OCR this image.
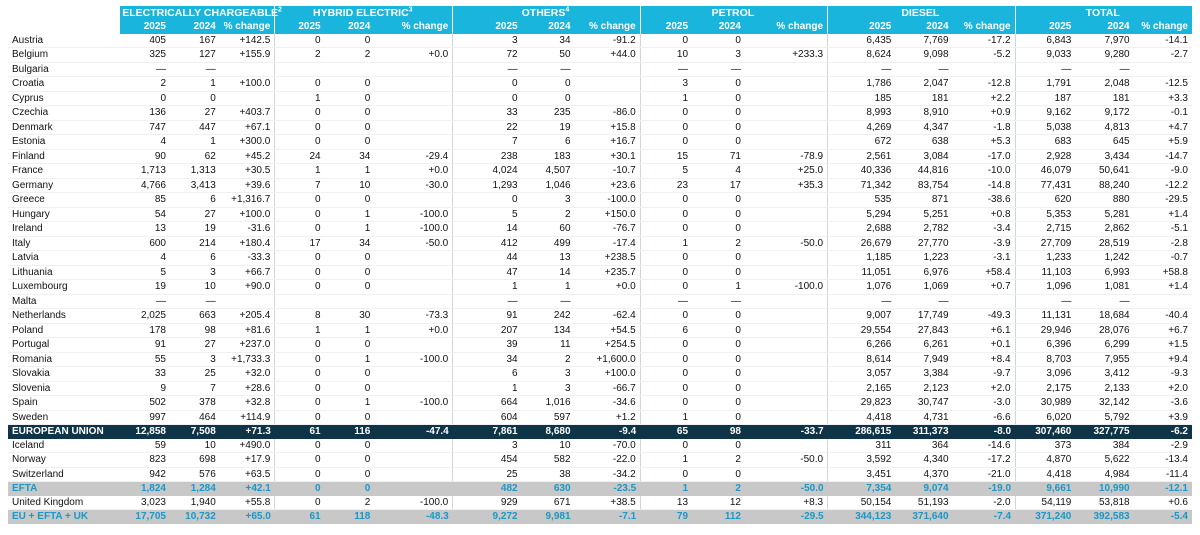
	ELECTRICALLY CHARGEABLE$^2$			HYBRID ELECTRIC$^3$			OTHERS$^4$			PETROL			DIESEL			TOTAL		
	2025	2024	% change	2025	2024	% change	2025	2024	% change	2025	2024	% change	2025	2024	% change	2025	2024	% change
Austria	405	167	+142.5	0	0		3	34	-91.2	0	0		6,435	7,769	-17.2	6,843	7,970	-14.1
Belgium	325	127	+155.9	2	2	+0.0	72	50	+44.0	10	3	+233.3	8,624	9,098	-5.2	9,033	9,280	-2.7
Bulgaria	—	—					—	—		—	—		—	—		—	—	
Croatia	2	1	+100.0	0	0		0	0		3	0		1,786	2,047	-12.8	1,791	2,048	-12.5
Cyprus	0	0		1	0		0	0		1	0		185	181	+2.2	187	181	+3.3
Czechia	136	27	+403.7	0	0		33	235	-86.0	0	0		8,993	8,910	+0.9	9,162	9,172	-0.1
Denmark	747	447	+67.1	0	0		22	19	+15.8	0	0		4,269	4,347	-1.8	5,038	4,813	+4.7
Estonia	4	1	+300.0	0	0		7	6	+16.7	0	0		672	638	+5.3	683	645	+5.9
Finland	90	62	+45.2	24	34	-29.4	238	183	+30.1	15	71	-78.9	2,561	3,084	-17.0	2,928	3,434	-14.7
France	1,713	1,313	+30.5	1	1	+0.0	4,024	4,507	-10.7	5	4	+25.0	40,336	44,816	-10.0	46,079	50,641	-9.0
Germany	4,766	3,413	+39.6	7	10	-30.0	1,293	1,046	+23.6	23	17	+35.3	71,342	83,754	-14.8	77,431	88,240	-12.2
Greece	85	6	+1,316.7	0	0		0	3	-100.0	0	0		535	871	-38.6	620	880	-29.5
Hungary	54	27	+100.0	0	1	-100.0	5	2	+150.0	0	0		5,294	5,251	+0.8	5,353	5,281	+1.4
Ireland	13	19	-31.6	0	1	-100.0	14	60	-76.7	0	0		2,688	2,782	-3.4	2,715	2,862	-5.1
Italy	600	214	+180.4	17	34	-50.0	412	499	-17.4	1	2	-50.0	26,679	27,770	-3.9	27,709	28,519	-2.8
Latvia	4	6	-33.3	0	0		44	13	+238.5	0	0		1,185	1,223	-3.1	1,233	1,242	-0.7
Lithuania	5	3	+66.7	0	0		47	14	+235.7	0	0		11,051	6,976	+58.4	11,103	6,993	+58.8
Luxembourg	19	10	+90.0	0	0		1	1	+0.0	0	1	-100.0	1,076	1,069	+0.7	1,096	1,081	+1.4
Malta	—	—					—	—		—	—		—	—		—	—	
Netherlands	2,025	663	+205.4	8	30	-73.3	91	242	-62.4	0	0		9,007	17,749	-49.3	11,131	18,684	-40.4
Poland	178	98	+81.6	1	1	+0.0	207	134	+54.5	6	0		29,554	27,843	+6.1	29,946	28,076	+6.7
Portugal	91	27	+237.0	0	0		39	11	+254.5	0	0		6,266	6,261	+0.1	6,396	6,299	+1.5
Romania	55	3	+1,733.3	0	1	-100.0	34	2	+1,600.0	0	0		8,614	7,949	+8.4	8,703	7,955	+9.4
Slovakia	33	25	+32.0	0	0		6	3	+100.0	0	0		3,057	3,384	-9.7	3,096	3,412	-9.3
Slovenia	9	7	+28.6	0	0		1	3	-66.7	0	0		2,165	2,123	+2.0	2,175	2,133	+2.0
Spain	502	378	+32.8	0	1	-100.0	664	1,016	-34.6	0	0		29,823	30,747	-3.0	30,989	32,142	-3.6
Sweden	997	464	+114.9	0	0		604	597	+1.2	1	0		4,418	4,731	-6.6	6,020	5,792	+3.9
EUROPEAN UNION	12,858	7,508	+71.3	61	116	-47.4	7,861	8,680	-9.4	65	98	-33.7	286,615	311,373	-8.0	307,460	327,775	-6.2
Iceland	59	10	+490.0	0	0		3	10	-70.0	0	0		311	364	-14.6	373	384	-2.9
Norway	823	698	+17.9	0	0		454	582	-22.0	1	2	-50.0	3,592	4,340	-17.2	4,870	5,622	-13.4
Switzerland	942	576	+63.5	0	0		25	38	-34.2	0	0		3,451	4,370	-21.0	4,418	4,984	-11.4
EFTA	1,824	1,284	+42.1	0	0		482	630	-23.5	1	2	-50.0	7,354	9,074	-19.0	9,661	10,990	-12.1
United Kingdom	3,023	1,940	+55.8	0	2	-100.0	929	671	+38.5	13	12	+8.3	50,154	51,193	-2.0	54,119	53,818	+0.6
EU + EFTA + UK	17,705	10,732	+65.0	61	118	-48.3	9,272	9,981	-7.1	79	112	-29.5	344,123	371,640	-7.4	371,240	392,583	-5.4
